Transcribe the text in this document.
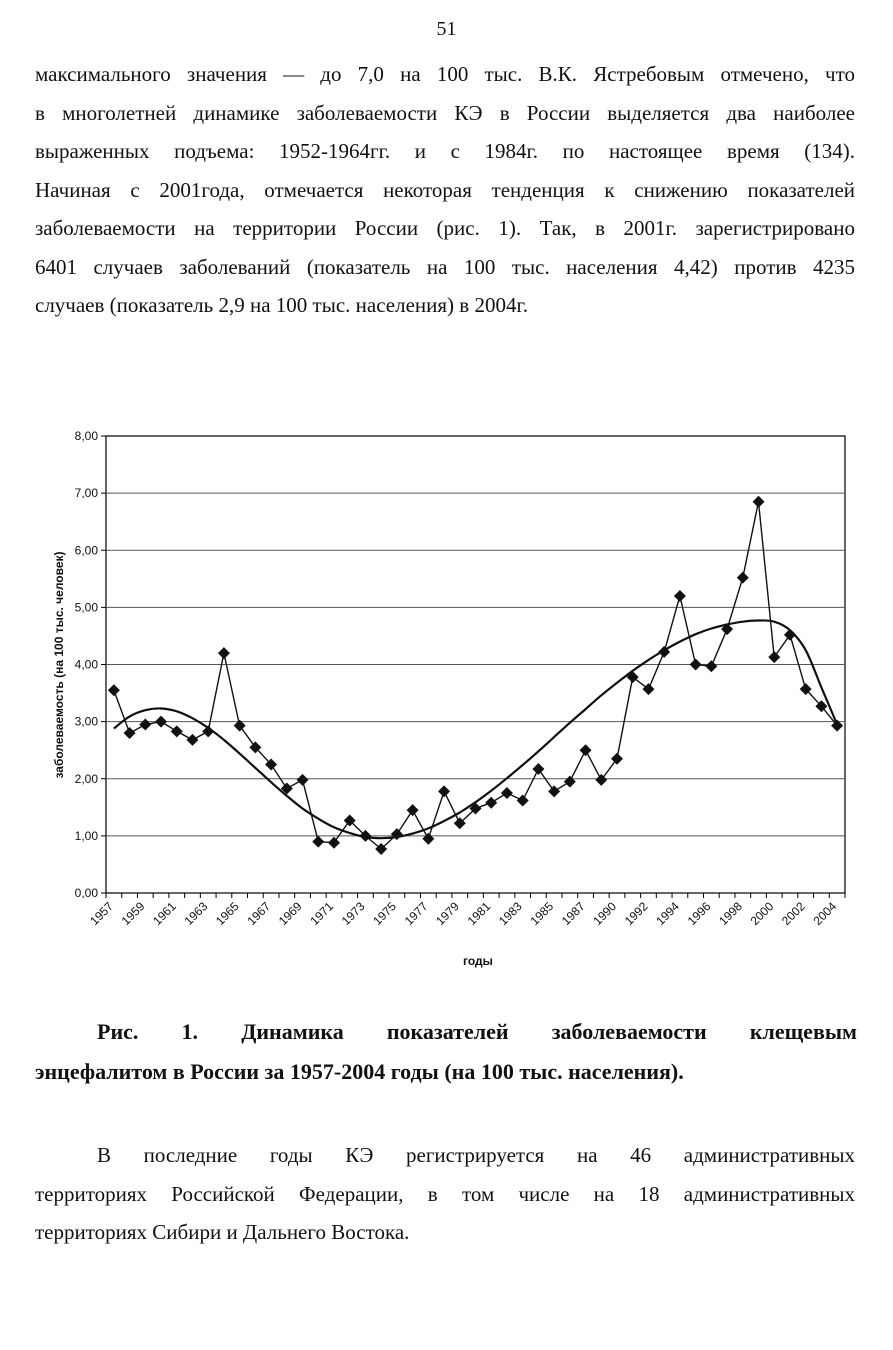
51
максимального значения — до 7,0 на 100 тыс. В.К. Ястребовым отмечено, что
в многолетней динамике заболеваемости КЭ в России выделяется два наиболее
выраженных подъема: 1952-1964гг. и с 1984г. по настоящее время (134).
Начиная с 2001года, отмечается некоторая тенденция к снижению показателей
заболеваемости на территории России (рис. 1). Так, в 2001г. зарегистрировано
6401 случаев заболеваний (показатель на 100 тыс. населения 4,42) против 4235
случаев (показатель 2,9 на 100 тыс. населения) в 2004г.
0,00
1,00
2,00
3,00
4,00
5,00
6,00
7,00
8,00
1957 1959 1961 1963 1965 1967 1969 1971 1973 1975 1977 1979 1981 1983 1985 1987 1990 1992 1994 1996 1998 2000 2002 2004
годы
заболеваемость (на 100 тыс. человек)
Рис. 1. Динамика показателей заболеваемости клещевым
энцефалитом в России за 1957-2004 годы (на 100 тыс. населения).
В последние годы КЭ регистрируется на 46 административных
территориях Российской Федерации, в том числе на 18 административных
территориях Сибири и Дальнего Востока.
